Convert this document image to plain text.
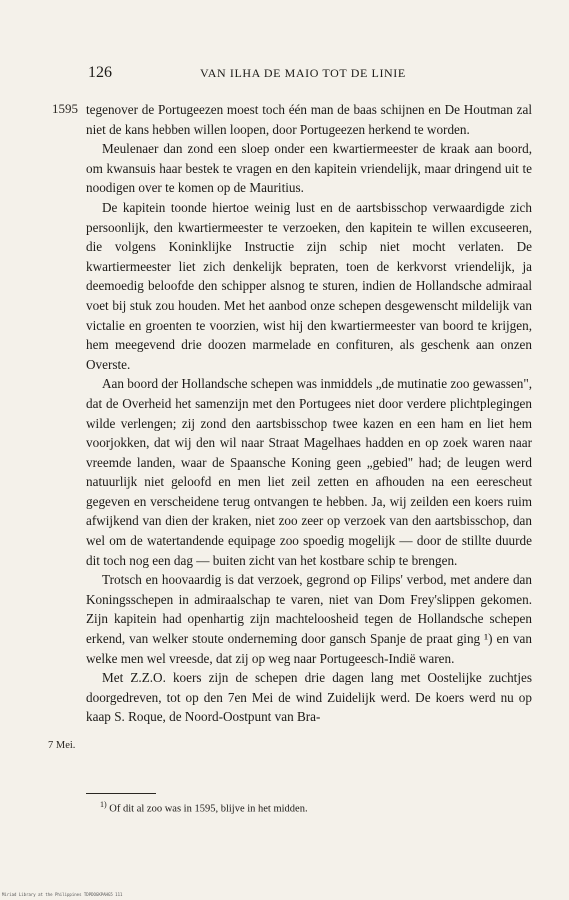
126	VAN ILHA DE MAIO TOT DE LINIE
1595
7 Mei.

tegenover de Portugeezen moest toch één man de baas schijnen en De Houtman zal niet de kans hebben willen loopen, door Portugeezen herkend te worden.

Meulenaer dan zond een sloep onder een kwartiermeester de kraak aan boord, om kwansuis haar bestek te vragen en den kapitein vriendelijk, maar dringend uit te noodigen over te komen op de Mauritius.

De kapitein toonde hiertoe weinig lust en de aartsbisschop verwaardigde zich persoonlijk, den kwartiermeester te verzoeken, den kapitein te willen excuseeren, die volgens Koninklijke Instructie zijn schip niet mocht verlaten. De kwartiermeester liet zich denkelijk bepraten, toen de kerkvorst vriendelijk, ja deemoedig beloofde den schipper alsnog te sturen, indien de Hollandsche admiraal voet bij stuk zou houden. Met het aanbod onze schepen desgewenscht mildelijk van victalie en groenten te voorzien, wist hij den kwartiermeester van boord te krijgen, hem meegevend drie doozen marmelade en confituren, als geschenk aan onzen Overste.

Aan boord der Hollandsche schepen was inmiddels „de mutinatie zoo gewassen", dat de Overheid het samenzijn met den Portugees niet door verdere plichtplegingen wilde verlengen; zij zond den aartsbisschop twee kazen en een ham en liet hem voorjokken, dat wij den wil naar Straat Magelhaes hadden en op zoek waren naar vreemde landen, waar de Spaansche Koning geen „gebied" had; de leugen werd natuurlijk niet geloofd en men liet zeil zetten en afhouden na een eerescheut gegeven en verscheidene terug ontvangen te hebben. Ja, wij zeilden een koers ruim afwijkend van dien der kraken, niet zoo zeer op verzoek van den aartsbisschop, dan wel om de watertandende equipage zoo spoedig mogelijk — door de stillte duurde dit toch nog een dag — buiten zicht van het kostbare schip te brengen.

Trotsch en hoovaardig is dat verzoek, gegrond op Filips' verbod, met andere dan Koningsschepen in admiraalschap te varen, niet van Dom Frey'slippen gekomen. Zijn kapitein had openhartig zijn machteloosheid tegen de Hollandsche schepen erkend, van welker stoute onderneming door gansch Spanje de praat ging ¹) en van welke men wel vreesde, dat zij op weg naar Portugeesch-Indië waren.

Met Z.Z.O. koers zijn de schepen drie dagen lang met Oostelijke zuchtjes doorgedreven, tot op den 7en Mei de wind Zuidelijk werd. De koers werd nu op kaap S. Roque, de Noord-Oostpunt van Bra-

$^{1)}$ Of dit al zoo was in 1595, blijve in het midden.
Miriad Library at the Philippines TDPDOGKPAHG5 111
